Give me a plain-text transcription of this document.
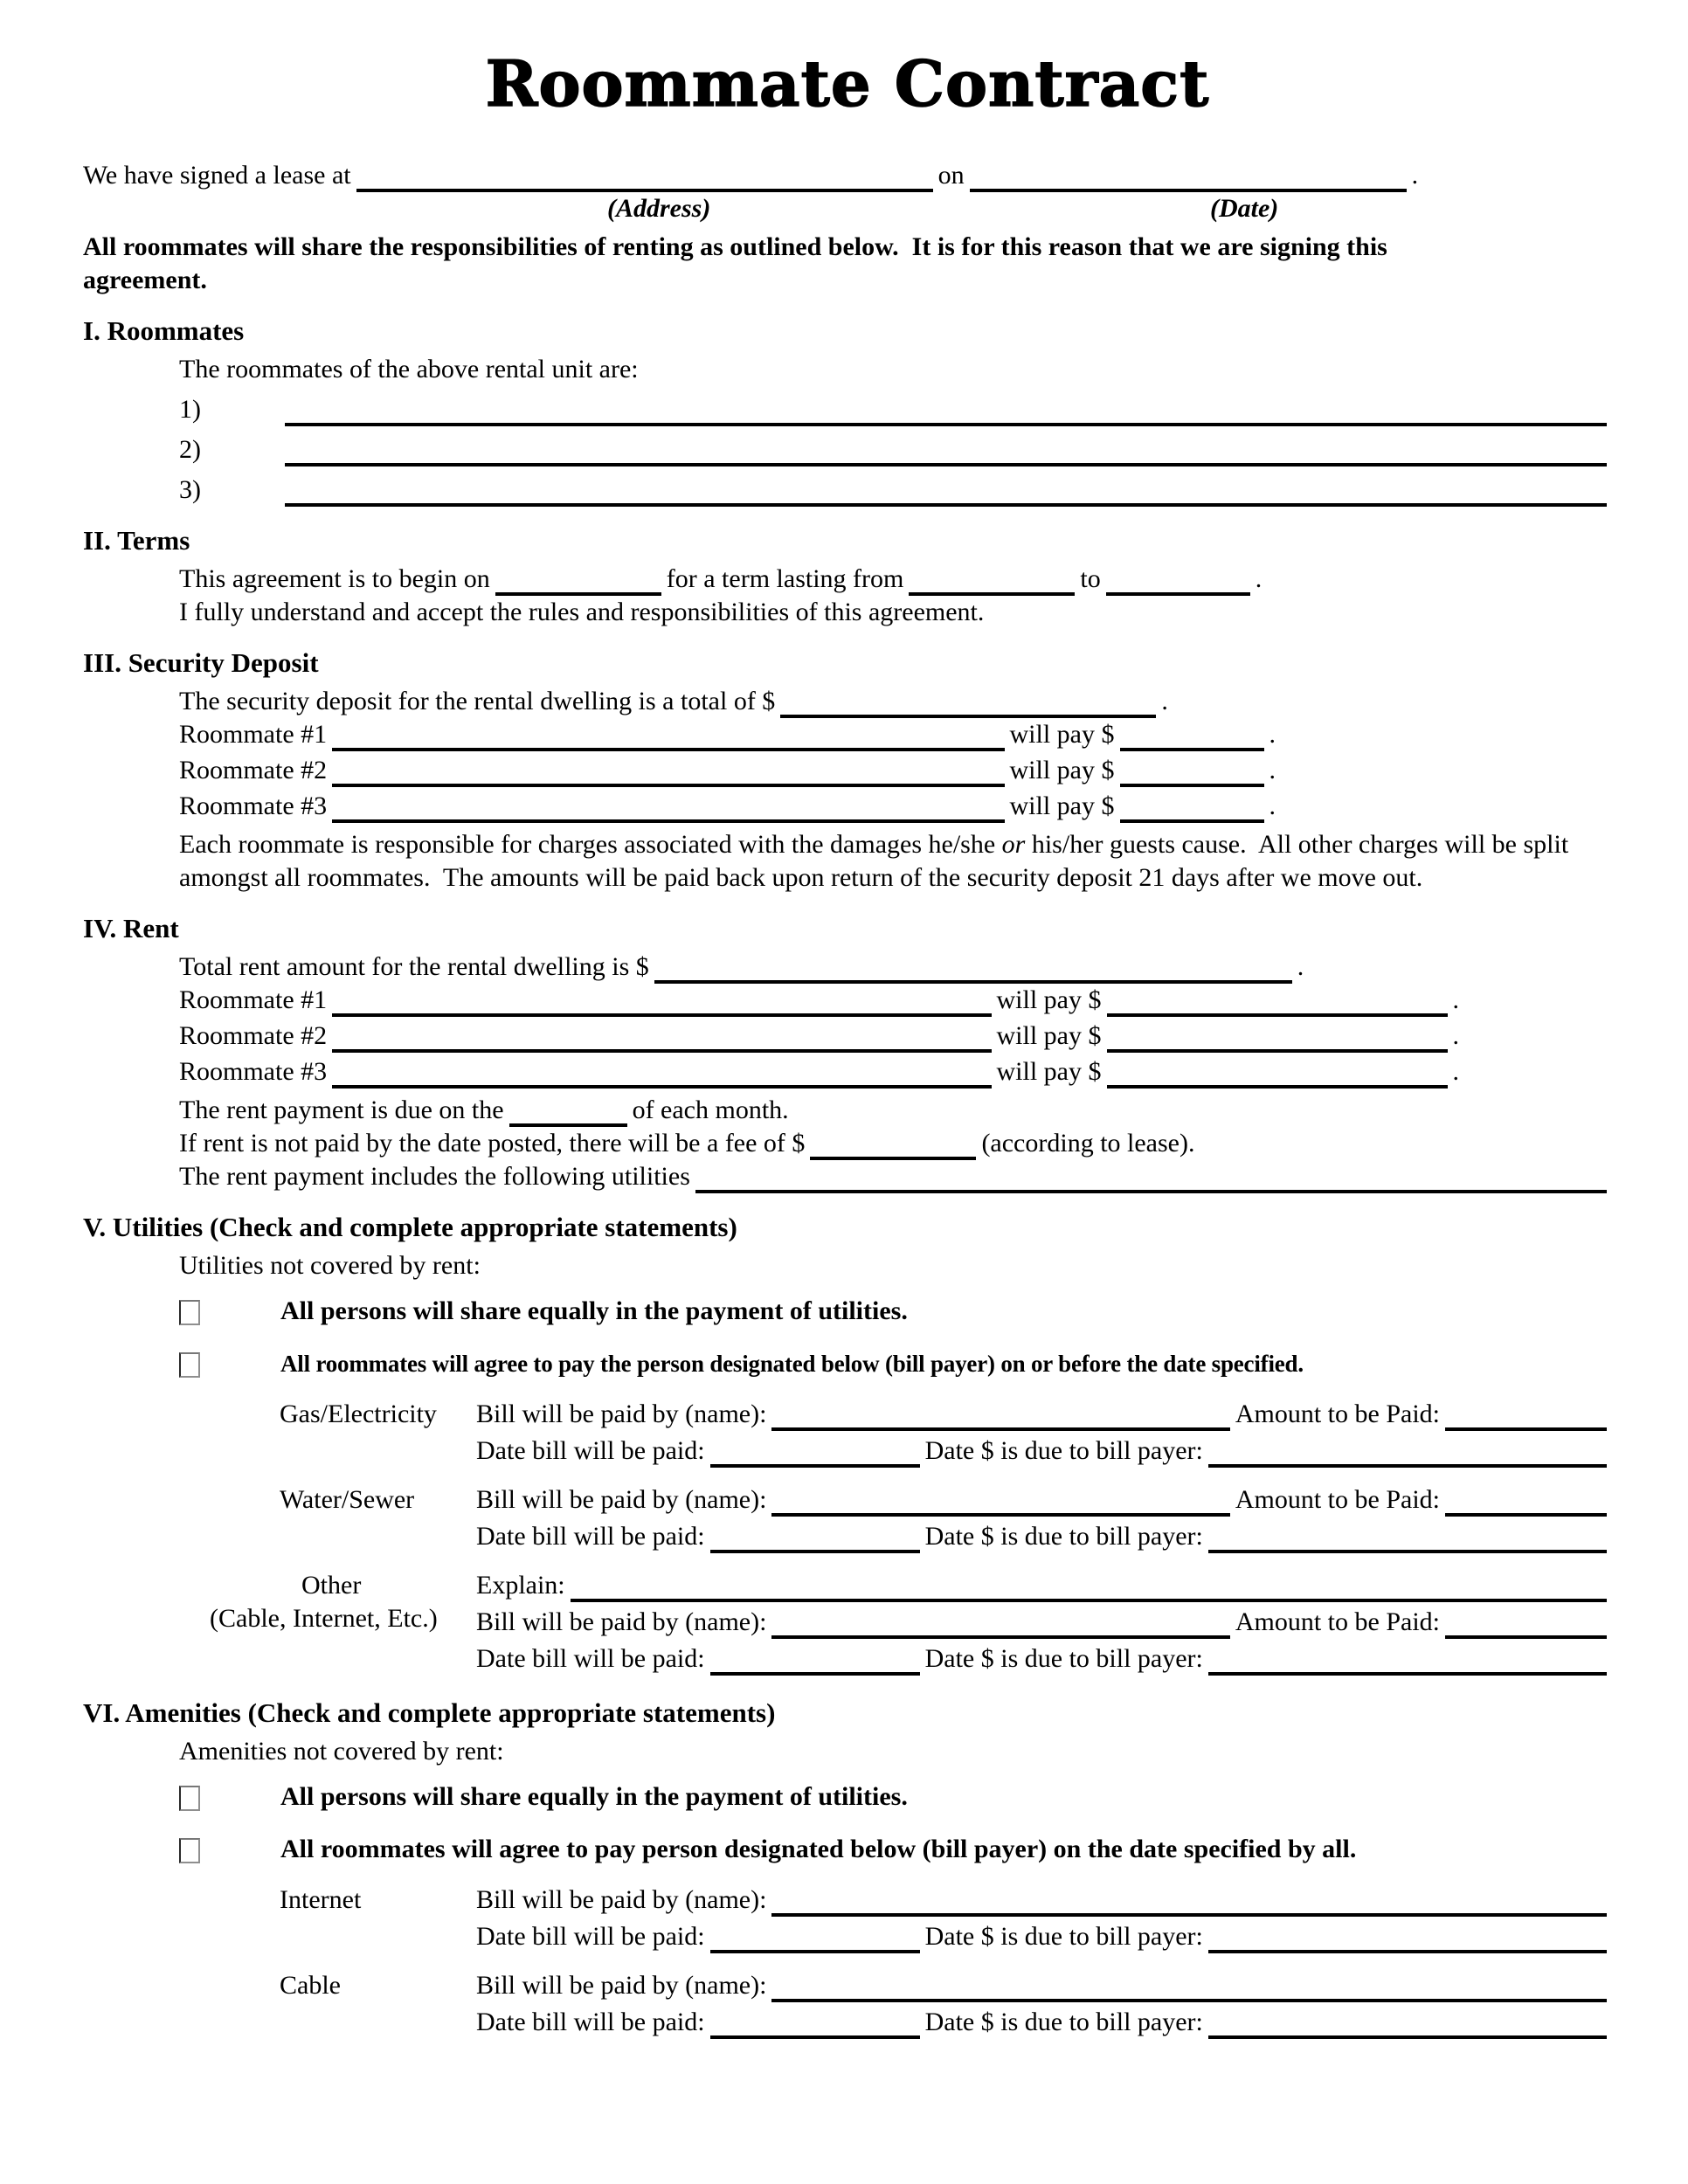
Roommate Contract
We have signed a lease at	on	.
(Address)	(Date)
All roommates will share the responsibilities of renting as outlined below.  It is for this reason that we are signing this
agreement.
I. Roommates
The roommates of the above rental unit are:
1)
2)
3)
II. Terms
This agreement is to begin on	for a term lasting from	to	.
I fully understand and accept the rules and responsibilities of this agreement.
III. Security Deposit
The security deposit for the rental dwelling is a total of $	.
Roommate #1	will pay $	.
Roommate #2	will pay $	.
Roommate #3	will pay $	.
Each roommate is responsible for charges associated with the damages he/she or his/her guests cause.  All other charges will be split amongst all roommates.  The amounts will be paid back upon return of the security deposit 21 days after we move out.
IV. Rent
Total rent amount for the rental dwelling is $	.
Roommate #1	will pay $	.
Roommate #2	will pay $	.
Roommate #3	will pay $	.
The rent payment is due on the	of each month.
If rent is not paid by the date posted, there will be a fee of $	(according to lease).
The rent payment includes the following utilities
V. Utilities (Check and complete appropriate statements)
Utilities not covered by rent:
All persons will share equally in the payment of utilities.
All roommates will agree to pay the person designated below (bill payer) on or before the date specified.
Gas/Electricity	Bill will be paid by (name):	Amount to be Paid:
Date bill will be paid:	Date $ is due to bill payer:
Water/Sewer	Bill will be paid by (name):	Amount to be Paid:
Date bill will be paid:	Date $ is due to bill payer:
Other
(Cable, Internet, Etc.)
Explain:
Bill will be paid by (name):	Amount to be Paid:
Date bill will be paid:	Date $ is due to bill payer:
VI. Amenities (Check and complete appropriate statements)
Amenities not covered by rent:
All persons will share equally in the payment of utilities.
All roommates will agree to pay person designated below (bill payer) on the date specified by all.
Internet	Bill will be paid by (name):
Date bill will be paid:	Date $ is due to bill payer:
Cable	Bill will be paid by (name):
Date bill will be paid:	Date $ is due to bill payer:
